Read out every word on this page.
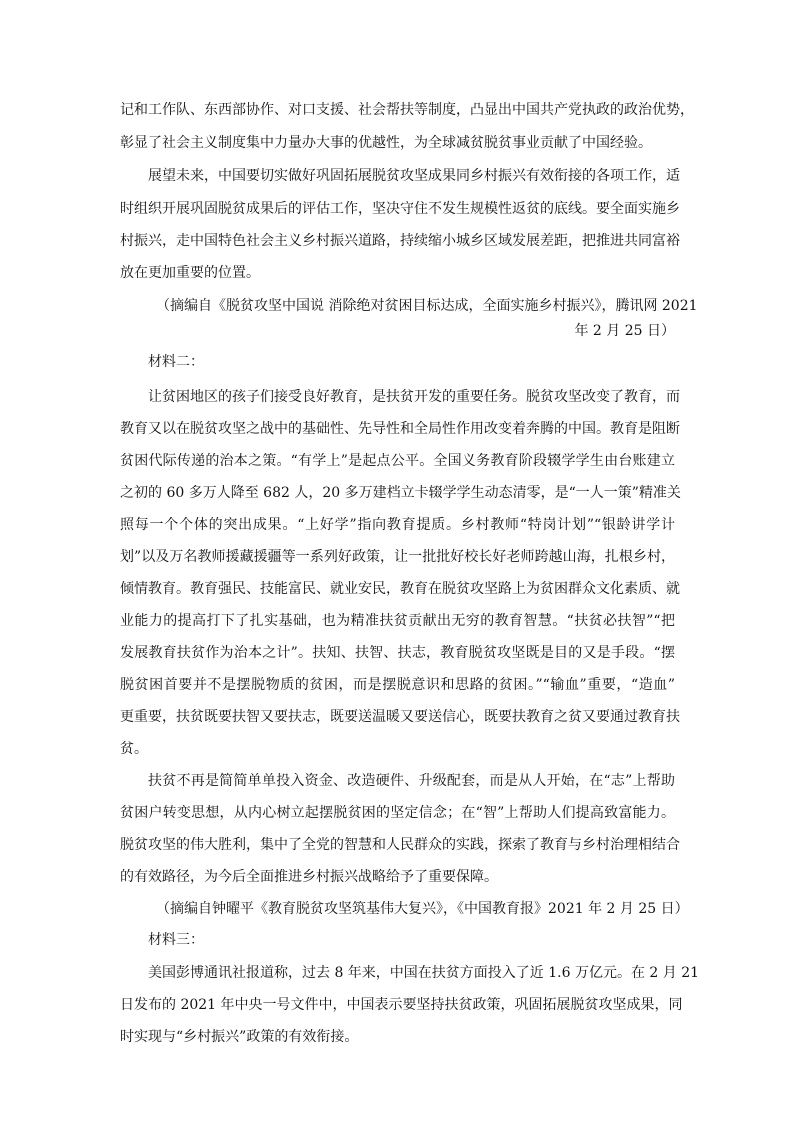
记和工作队、东西部协作、对口支援、社会帮扶等制度，凸显出中国共产党执政的政治优势，
彰显了社会主义制度集中力量办大事的优越性，为全球减贫脱贫事业贡献了中国经验。
展望未来，中国要切实做好巩固拓展脱贫攻坚成果同乡村振兴有效衔接的各项工作，适
时组织开展巩固脱贫成果后的评估工作，坚决守住不发生规模性返贫的底线。要全面实施乡
村振兴，走中国特色社会主义乡村振兴道路，持续缩小城乡区域发展差距，把推进共同富裕
放在更加重要的位置。
（摘编自《脱贫攻坚中国说 消除绝对贫困目标达成，全面实施乡村振兴》，腾讯网 2021
年 2 月 25 日）
材料二：
让贫困地区的孩子们接受良好教育，是扶贫开发的重要任务。脱贫攻坚改变了教育，而
教育又以在脱贫攻坚之战中的基础性、先导性和全局性作用改变着奔腾的中国。教育是阻断
贫困代际传递的治本之策。“有学上”是起点公平。全国义务教育阶段辍学学生由台账建立
之初的 60 多万人降至 682 人，20 多万建档立卡辍学学生动态清零，是“一人一策”精准关
照每一个个体的突出成果。“上好学”指向教育提质。乡村教师“特岗计划”“银龄讲学计
划”以及万名教师援藏援疆等一系列好政策，让一批批好校长好老师跨越山海，扎根乡村，
倾情教育。教育强民、技能富民、就业安民，教育在脱贫攻坚路上为贫困群众文化素质、就
业能力的提高打下了扎实基础，也为精准扶贫贡献出无穷的教育智慧。“扶贫必扶智”“把
发展教育扶贫作为治本之计”。扶知、扶智、扶志，教育脱贫攻坚既是目的又是手段。“摆
脱贫困首要并不是摆脱物质的贫困，而是摆脱意识和思路的贫困。”“输血”重要，“造血”
更重要，扶贫既要扶智又要扶志，既要送温暖又要送信心，既要扶教育之贫又要通过教育扶
贫。
扶贫不再是简简单单投入资金、改造硬件、升级配套，而是从人开始，在“志”上帮助
贫困户转变思想，从内心树立起摆脱贫困的坚定信念；在“智”上帮助人们提高致富能力。
脱贫攻坚的伟大胜利，集中了全党的智慧和人民群众的实践，探索了教育与乡村治理相结合
的有效路径，为今后全面推进乡村振兴战略给予了重要保障。
（摘编自钟曜平《教育脱贫攻坚筑基伟大复兴》，《中国教育报》2021 年 2 月 25 日）
材料三：
美国彭博通讯社报道称，过去 8 年来，中国在扶贫方面投入了近 1.6 万亿元。在 2 月 21
日发布的 2021 年中央一号文件中，中国表示要坚持扶贫政策，巩固拓展脱贫攻坚成果，同
时实现与“乡村振兴”政策的有效衔接。
